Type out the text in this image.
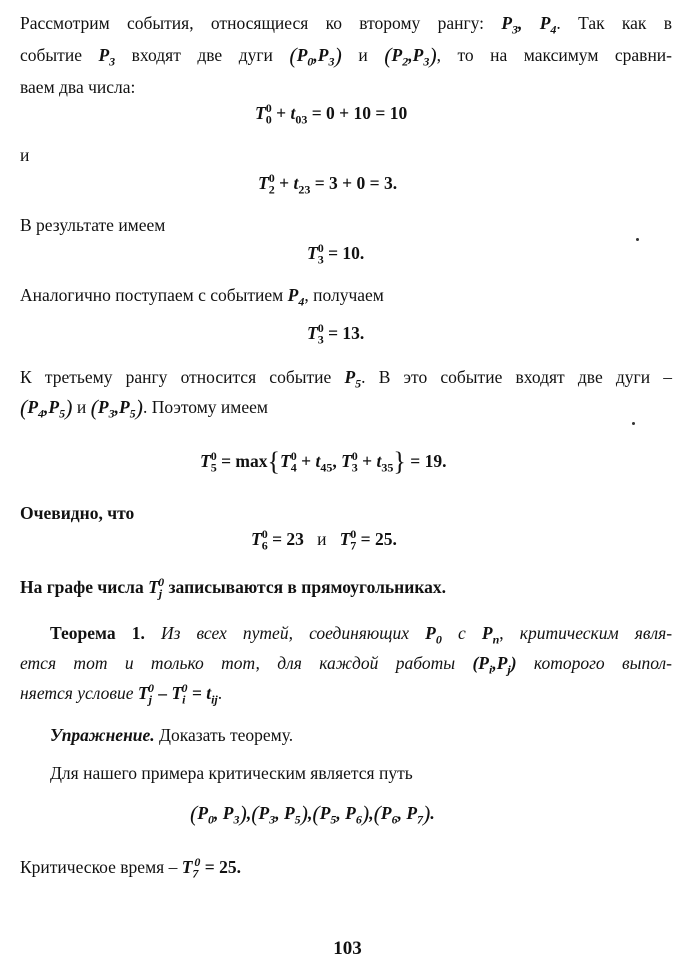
Рассмотрим события, относящиеся ко второму рангу: $P_3$, $P_4$. Так как в
событие $P_3$ входят две дуги $(P_0,P_3)$ и $(P_2,P_3)$, то на максимум сравни-
ваем два числа:
$T_0^0 + t_{03} = 0 + 10 = 10$
и
$T_2^0 + t_{23} = 3 + 0 = 3$.
В результате имеем
$T_3^0 = 10$.
Аналогично поступаем с событием $P_4$, получаем
$T_3^0 = 13$.
К третьему рангу относится событие $P_5$. В это событие входят две дуги –
$(P_4,P_5)$ и $(P_3,P_5)$. Поэтому имеем
$T_5^0 = \max\{T_4^0 + t_{45}$, $T_3^0 + t_{35}\} = 19$.
Очевидно, что
$T_6^0 = 23$ и $T_7^0 = 25$.
На графе числа $T_j^0$ записываются в прямоугольниках.
Теорема 1. Из всех путей, соединяющих $P_0$ с $P_n$, критическим явля-
ется тот и только тот, для каждой работы $(P_i,P_j)$ которого выпол-
няется условие $T_j^0 - T_i^0 = t_{ij}$.
Упражнение. Доказать теорему.
Для нашего примера критическим является путь
($P_0$, $P_3),(P_3$, $P_5),(P_5$, $P_6),(P_6$, $P_7$).
Критическое время – $T_7^0 = 25$.
103
